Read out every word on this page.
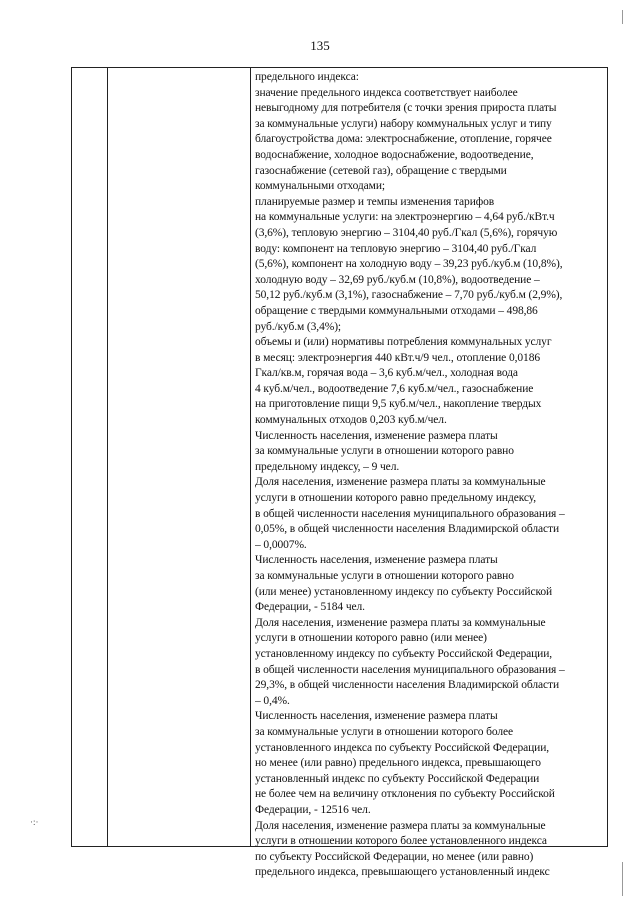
135
предельного индекса:
значение предельного индекса соответствует наиболее
невыгодному для потребителя (с точки зрения прироста платы
за коммунальные услуги) набору коммунальных услуг и типу
благоустройства дома: электроснабжение, отопление, горячее
водоснабжение, холодное водоснабжение, водоотведение,
газоснабжение (сетевой газ), обращение с твердыми
коммунальными отходами;
планируемые размер и темпы изменения тарифов
на коммунальные услуги: на электроэнергию – 4,64 руб./кВт.ч
(3,6%), тепловую энергию – 3104,40 руб./Гкал (5,6%), горячую
воду: компонент на тепловую энергию – 3104,40 руб./Гкал
(5,6%), компонент на холодную воду – 39,23 руб./куб.м (10,8%),
холодную воду – 32,69 руб./куб.м (10,8%), водоотведение –
50,12 руб./куб.м (3,1%), газоснабжение – 7,70 руб./куб.м (2,9%),
обращение с твердыми коммунальными отходами – 498,86
руб./куб.м (3,4%);
объемы и (или) нормативы потребления коммунальных услуг
в месяц: электроэнергия 440 кВт.ч/9 чел., отопление 0,0186
Гкал/кв.м, горячая вода – 3,6 куб.м/чел., холодная вода
4 куб.м/чел., водоотведение 7,6 куб.м/чел., газоснабжение
на приготовление пищи 9,5 куб.м/чел., накопление твердых
коммунальных отходов 0,203 куб.м/чел.
Численность населения, изменение размера платы
за коммунальные услуги в отношении которого равно
предельному индексу, – 9 чел.
Доля населения, изменение размера платы за коммунальные
услуги в отношении которого равно предельному индексу,
в общей численности населения муниципального образования –
0,05%, в общей численности населения Владимирской области
– 0,0007%.
Численность населения, изменение размера платы
за коммунальные услуги в отношении которого равно
(или менее) установленному индексу по субъекту Российской
Федерации, - 5184 чел.
Доля населения, изменение размера платы за коммунальные
услуги в отношении которого равно (или менее)
установленному индексу по субъекту Российской Федерации,
в общей численности населения муниципального образования –
29,3%, в общей численности населения Владимирской области
– 0,4%.
Численность населения, изменение размера платы
за коммунальные услуги в отношении которого более
установленного индекса по субъекту Российской Федерации,
но менее (или равно) предельного индекса, превышающего
установленный индекс по субъекту Российской Федерации
не более чем на величину отклонения по субъекту Российской
Федерации, - 12516 чел.
Доля населения, изменение размера платы за коммунальные
услуги в отношении которого более установленного индекса
по субъекту Российской Федерации, но менее (или равно)
предельного индекса, превышающего установленный индекс
·:·
